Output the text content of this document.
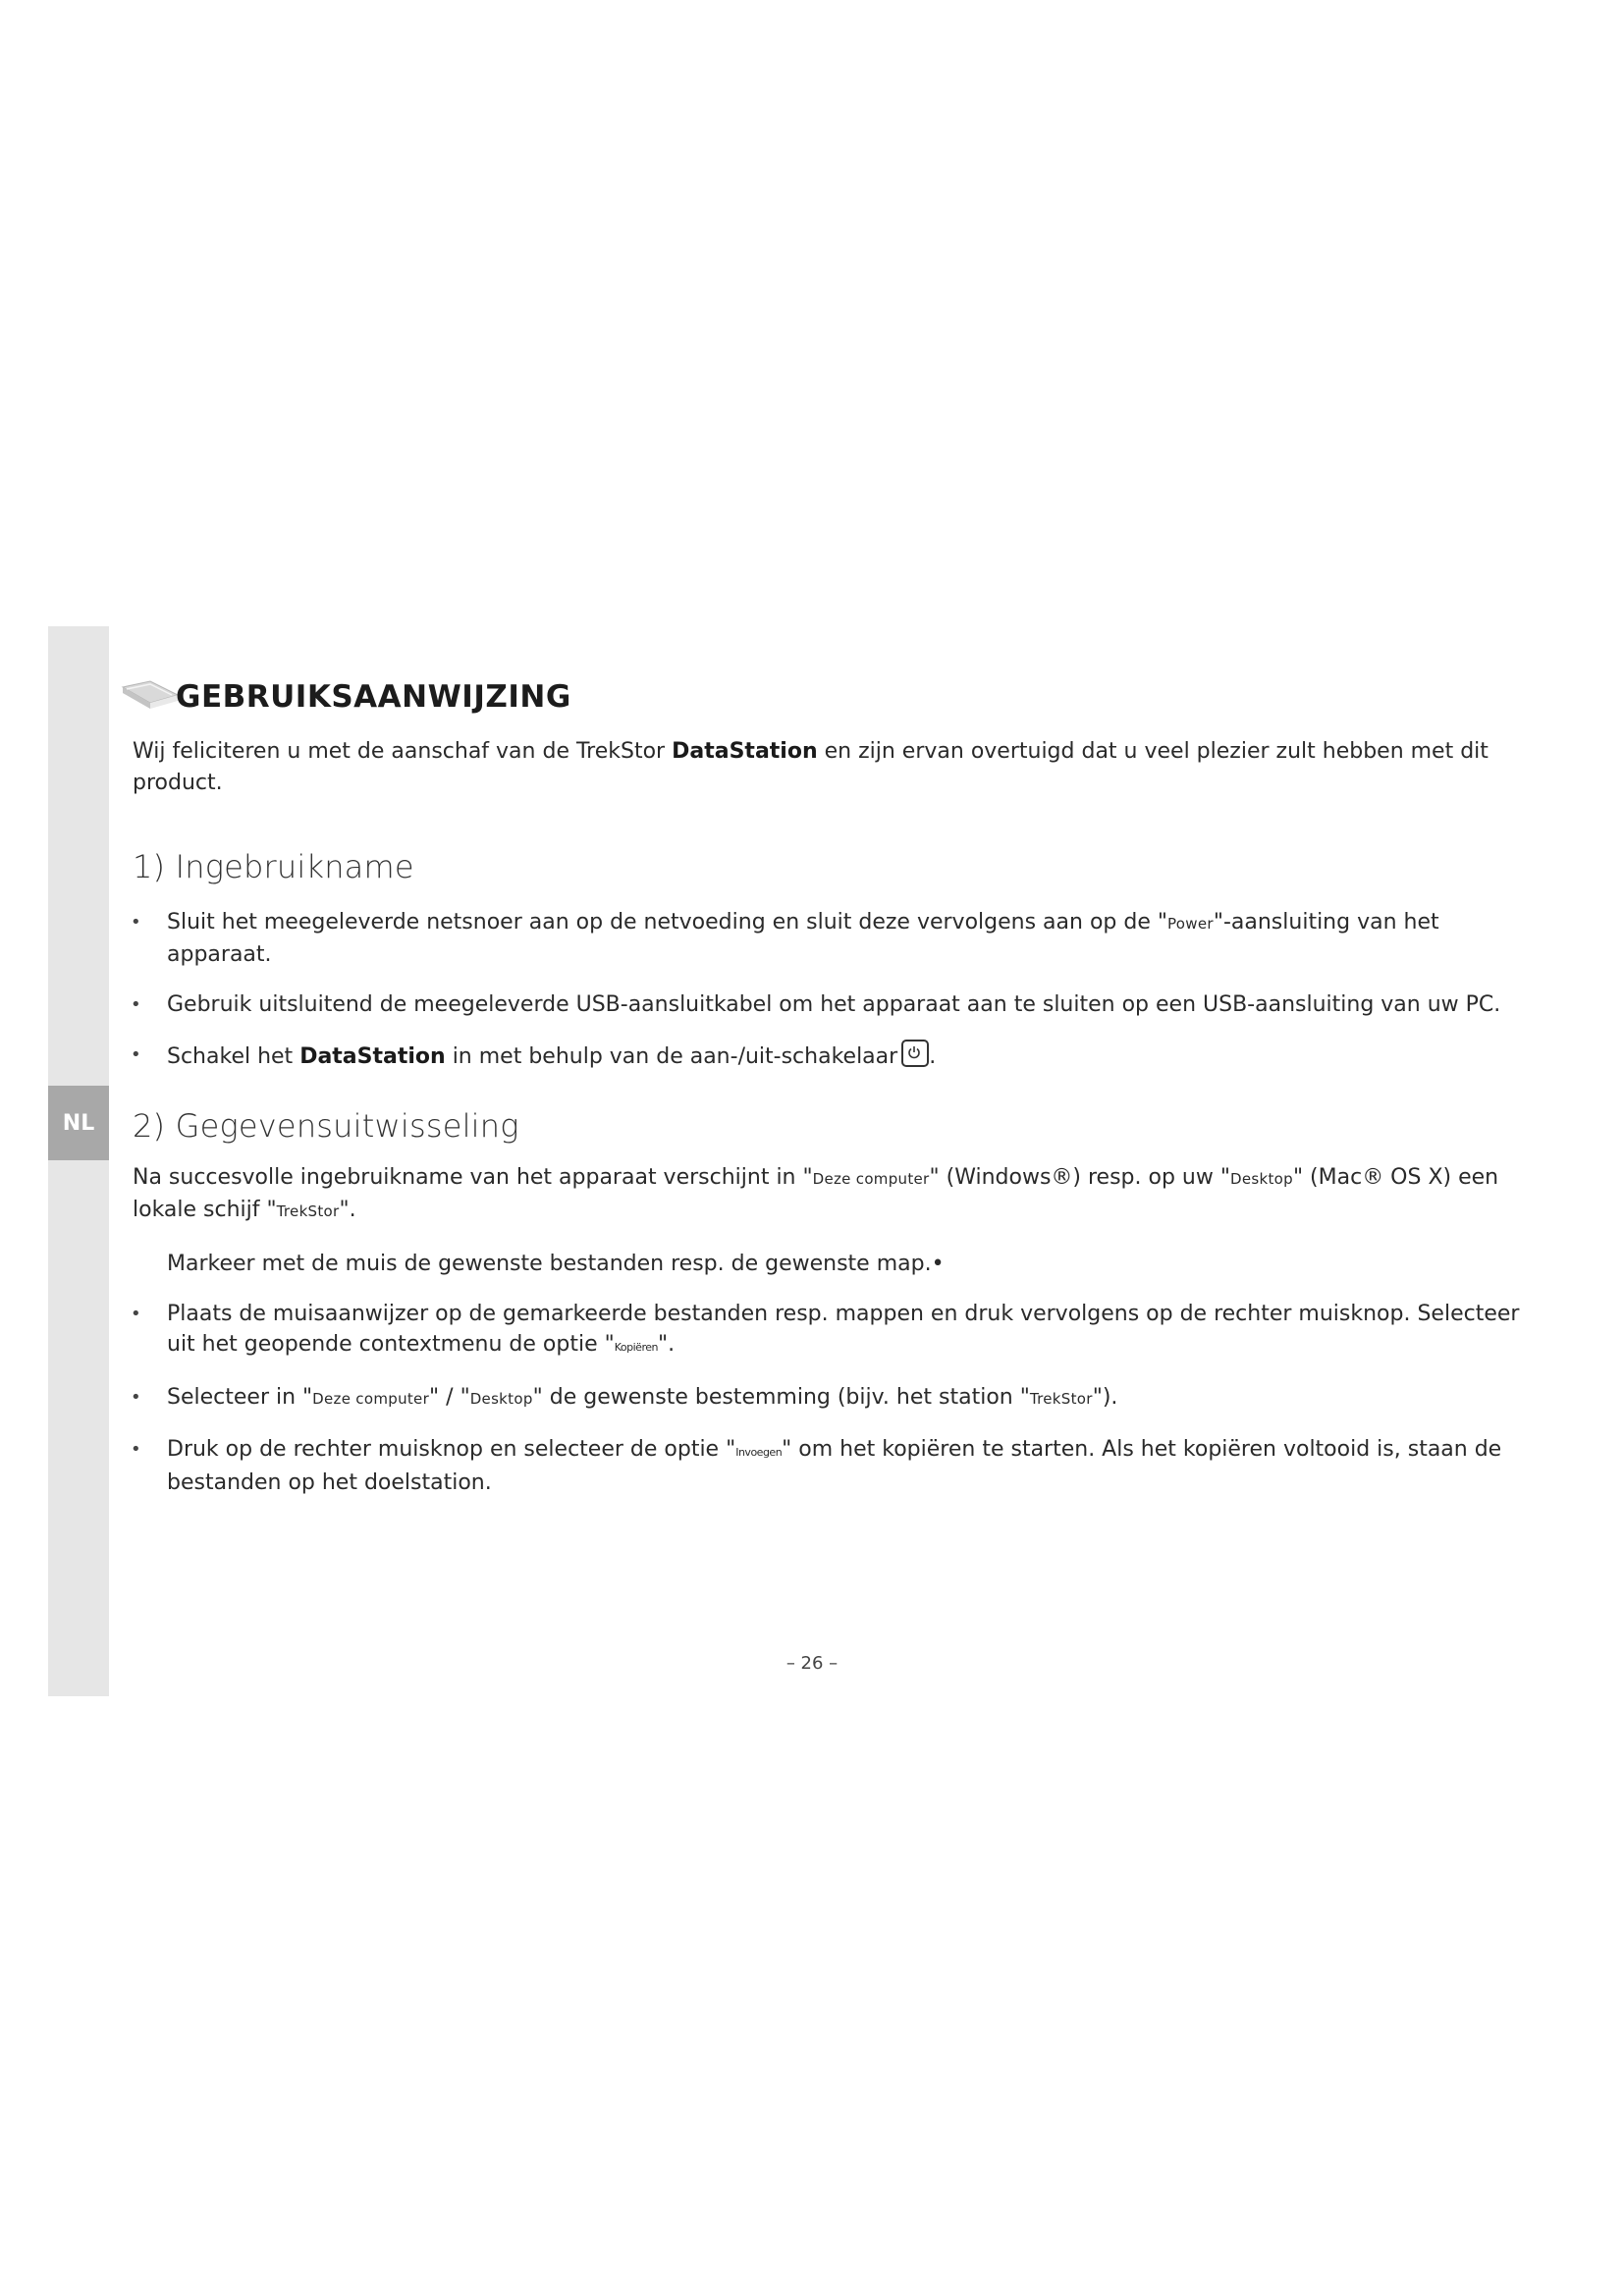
NL
GEBRUIKSAANWIJZING

Wij feliciteren u met de aanschaf van de TrekStor DataStation en zijn ervan overtuigd dat u veel plezier zult hebben met dit product.

1) Ingebruikname
• Sluit het meegeleverde netsnoer aan op de netvoeding en sluit deze vervolgens aan op de "Power"-aansluiting van het apparaat.
• Gebruik uitsluitend de meegeleverde USB-aansluitkabel om het apparaat aan te sluiten op een USB-aansluiting van uw PC.
• Schakel het DataStation in met behulp van de aan-/uit-schakelaar .
2) Gegevensuitwisseling

Na succesvolle ingebruikname van het apparaat verschijnt in "Deze computer" (Windows®) resp. op uw "Desktop" (Mac® OS X) een lokale schijf "TrekStor".

Markeer met de muis de gewenste bestanden resp. de gewenste map.•
• Plaats de muisaanwijzer op de gemarkeerde bestanden resp. mappen en druk vervolgens op de rechter muisknop. Selecteer uit het geopende contextmenu de optie "Kopiëren".
• Selecteer in "Deze computer" / "Desktop" de gewenste bestemming (bijv. het station "TrekStor").
• Druk op de rechter muisknop en selecteer de optie "Invoegen" om het kopiëren te starten. Als het kopiëren voltooid is, staan de bestanden op het doelstation.
– 26 –
